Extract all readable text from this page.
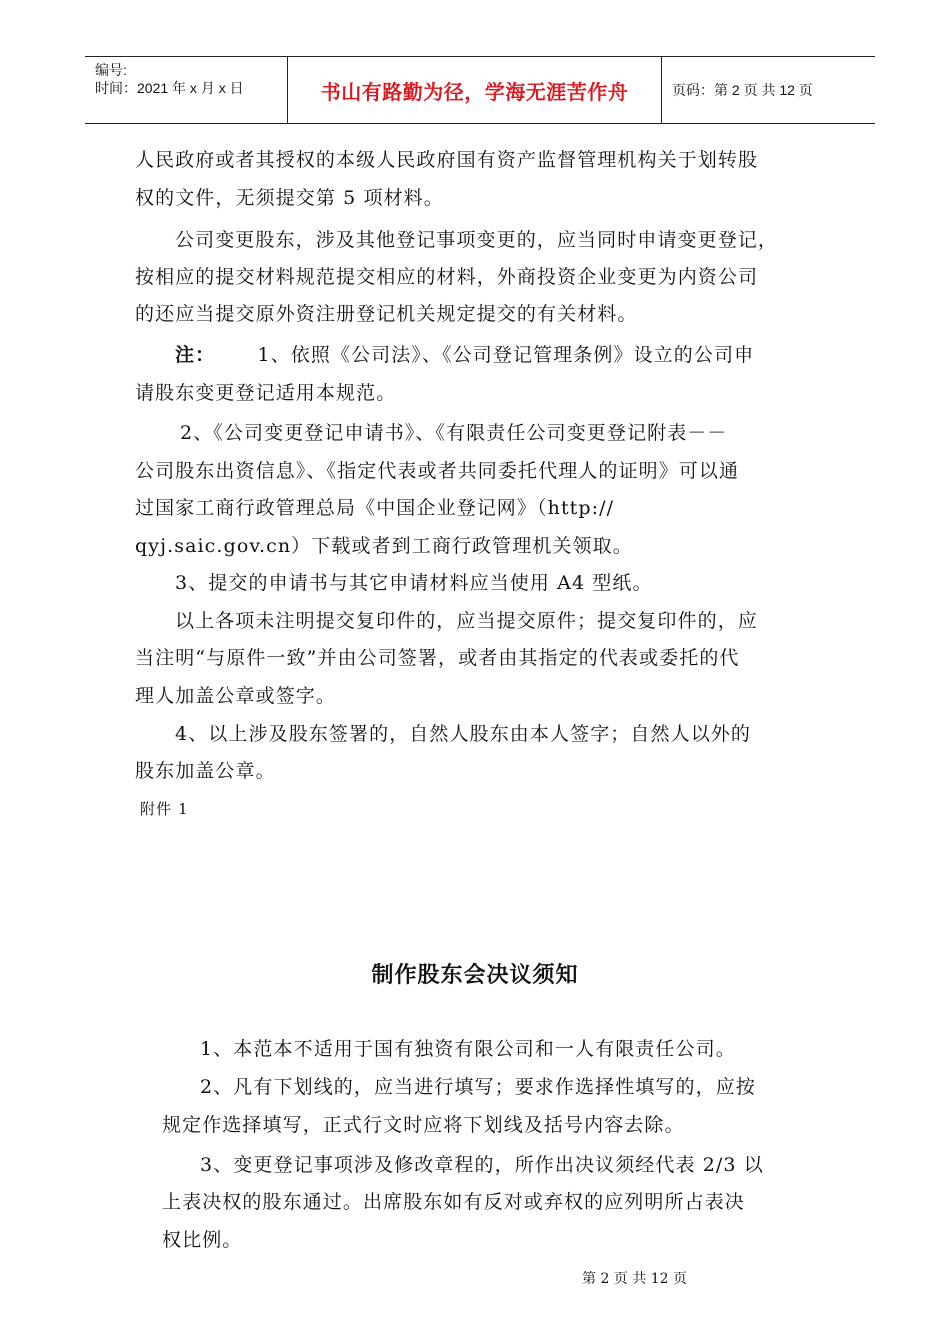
编号:
时间：2021 年 x 月 x 日	书山有路勤为径，学海无涯苦作舟	页码：第 2 页 共 12 页
人民政府或者其授权的本级人民政府国有资产监督管理机构关于划转股
权的文件，无须提交第 5 项材料。
公司变更股东，涉及其他登记事项变更的，应当同时申请变更登记，
按相应的提交材料规范提交相应的材料，外商投资企业变更为内资公司
的还应当提交原外资注册登记机关规定提交的有关材料。
注： 1、依照《公司法》、《公司登记管理条例》设立的公司申
请股东变更登记适用本规范。
2、《公司变更登记申请书》、《有限责任公司变更登记附表－－
公司股东出资信息》、《指定代表或者共同委托代理人的证明》可以通
过国家工商行政管理总局《中国企业登记网》（http://
qyj.saic.gov.cn）下载或者到工商行政管理机关领取。
3、提交的申请书与其它申请材料应当使用 A4 型纸。
以上各项未注明提交复印件的，应当提交原件；提交复印件的，应
当注明“与原件一致”并由公司签署，或者由其指定的代表或委托的代
理人加盖公章或签字。
4、以上涉及股东签署的，自然人股东由本人签字；自然人以外的
股东加盖公章。
附件 1
制作股东会决议须知
1、本范本不适用于国有独资有限公司和一人有限责任公司。
2、凡有下划线的，应当进行填写；要求作选择性填写的，应按
规定作选择填写，正式行文时应将下划线及括号内容去除。
3、变更登记事项涉及修改章程的，所作出决议须经代表 2/3 以
上表决权的股东通过。出席股东如有反对或弃权的应列明所占表决
权比例。
第 2 页 共 12 页
